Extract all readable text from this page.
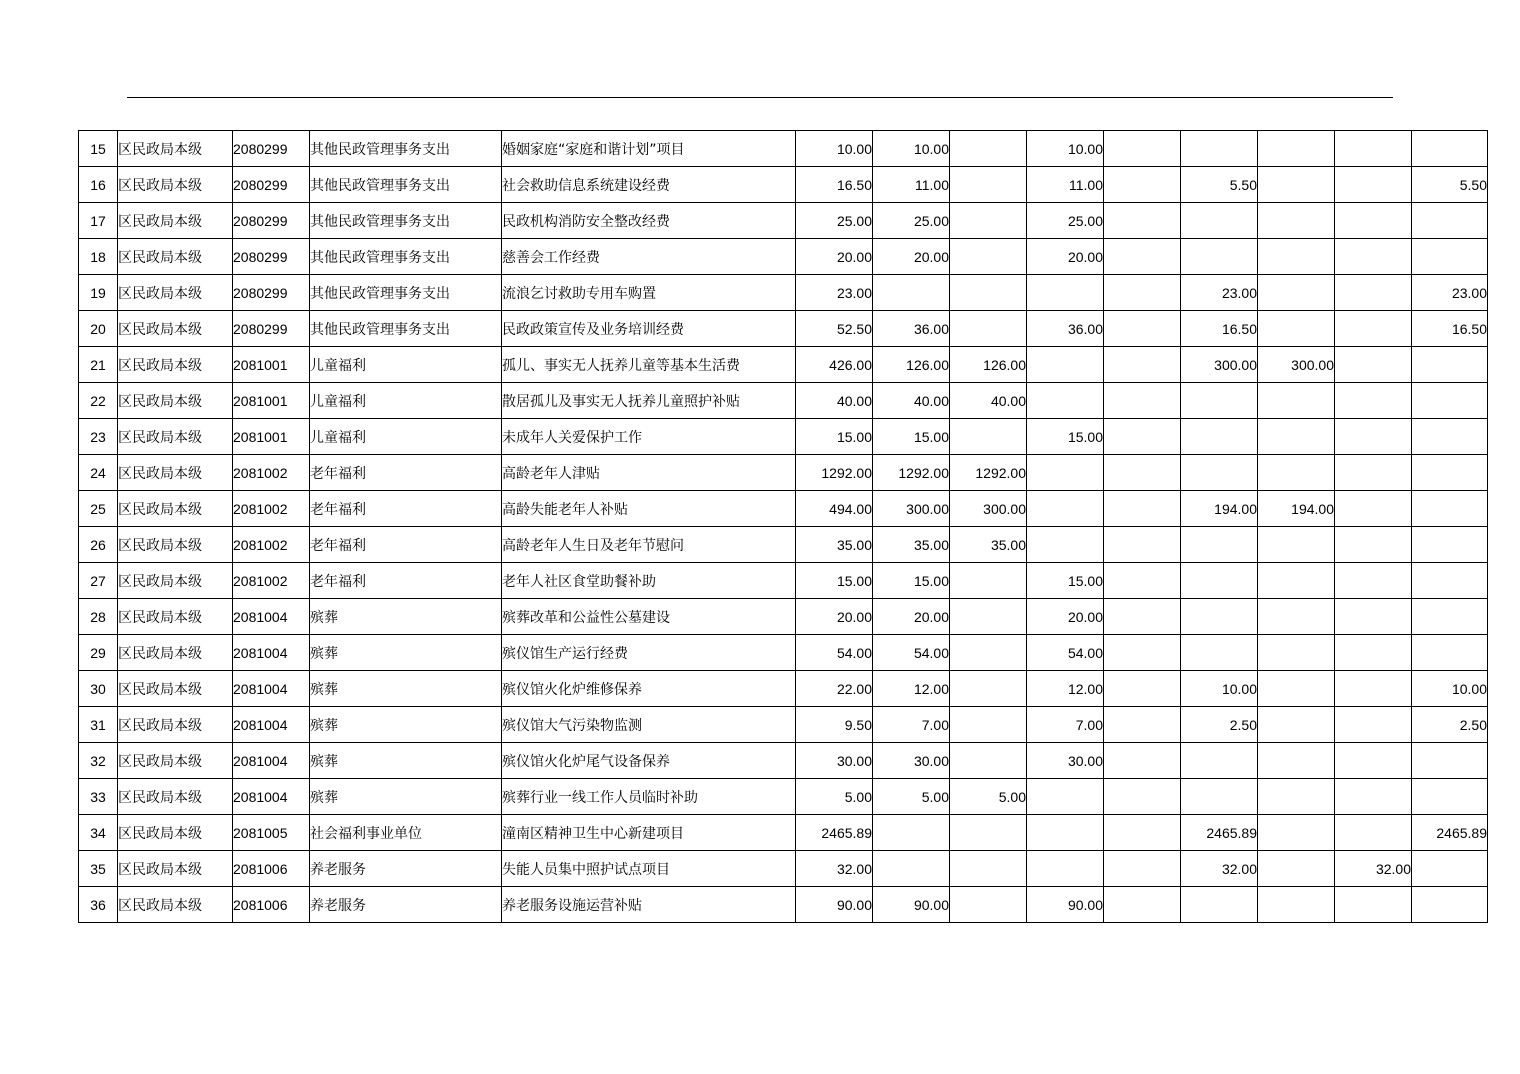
15	区民政局本级	2080299	其他民政管理事务支出	婚姻家庭“家庭和谐计划”项目	10.00	10.00		10.00					
16	区民政局本级	2080299	其他民政管理事务支出	社会救助信息系统建设经费	16.50	11.00		11.00		5.50			5.50
17	区民政局本级	2080299	其他民政管理事务支出	民政机构消防安全整改经费	25.00	25.00		25.00					
18	区民政局本级	2080299	其他民政管理事务支出	慈善会工作经费	20.00	20.00		20.00					
19	区民政局本级	2080299	其他民政管理事务支出	流浪乞讨救助专用车购置	23.00					23.00			23.00
20	区民政局本级	2080299	其他民政管理事务支出	民政政策宣传及业务培训经费	52.50	36.00		36.00		16.50			16.50
21	区民政局本级	2081001	儿童福利	孤儿、事实无人抚养儿童等基本生活费	426.00	126.00	126.00			300.00	300.00		
22	区民政局本级	2081001	儿童福利	散居孤儿及事实无人抚养儿童照护补贴	40.00	40.00	40.00						
23	区民政局本级	2081001	儿童福利	未成年人关爱保护工作	15.00	15.00		15.00					
24	区民政局本级	2081002	老年福利	高龄老年人津贴	1292.00	1292.00	1292.00						
25	区民政局本级	2081002	老年福利	高龄失能老年人补贴	494.00	300.00	300.00			194.00	194.00		
26	区民政局本级	2081002	老年福利	高龄老年人生日及老年节慰问	35.00	35.00	35.00						
27	区民政局本级	2081002	老年福利	老年人社区食堂助餐补助	15.00	15.00		15.00					
28	区民政局本级	2081004	殡葬	殡葬改革和公益性公墓建设	20.00	20.00		20.00					
29	区民政局本级	2081004	殡葬	殡仪馆生产运行经费	54.00	54.00		54.00					
30	区民政局本级	2081004	殡葬	殡仪馆火化炉维修保养	22.00	12.00		12.00		10.00			10.00
31	区民政局本级	2081004	殡葬	殡仪馆大气污染物监测	9.50	7.00		7.00		2.50			2.50
32	区民政局本级	2081004	殡葬	殡仪馆火化炉尾气设备保养	30.00	30.00		30.00					
33	区民政局本级	2081004	殡葬	殡葬行业一线工作人员临时补助	5.00	5.00	5.00						
34	区民政局本级	2081005	社会福利事业单位	潼南区精神卫生中心新建项目	2465.89					2465.89			2465.89
35	区民政局本级	2081006	养老服务	失能人员集中照护试点项目	32.00					32.00		32.00	
36	区民政局本级	2081006	养老服务	养老服务设施运营补贴	90.00	90.00		90.00					
